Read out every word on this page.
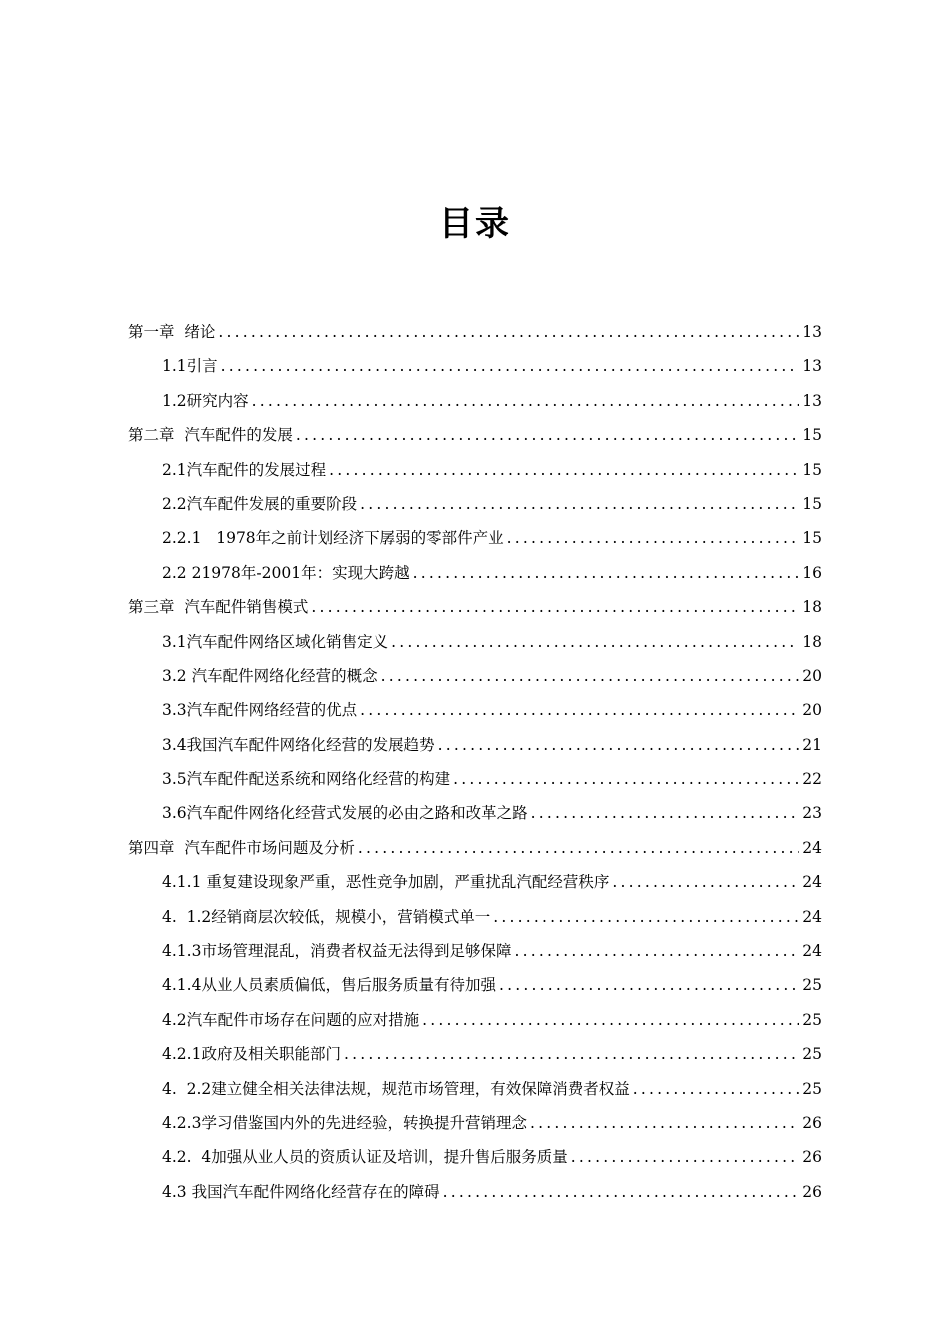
目录
第一章  绪论 .....	13
1.1引言 .....	13
1.2研究内容 .....	13
第二章  汽车配件的发展 .....	15
2.1汽车配件的发展过程 .....	15
2.2汽车配件发展的重要阶段 .....	15
2.2.1   1978年之前计划经济下孱弱的零部件产业 .....	15
2.2 21978年-2001年：实现大跨越 .....	16
第三章  汽车配件销售模式 .....	18
3.1汽车配件网络区域化销售定义 .....	18
3.2 汽车配件网络化经营的概念 .....	20
3.3汽车配件网络经营的优点 .....	20
3.4我国汽车配件网络化经营的发展趋势 .....	21
3.5汽车配件配送系统和网络化经营的构建 .....	22
3.6汽车配件网络化经营式发展的必由之路和改革之路 .....	23
第四章  汽车配件市场问题及分析 .....	24
4.1.1 重复建设现象严重，恶性竞争加剧，严重扰乱汽配经营秩序 .....	24
4.  1.2经销商层次较低，规模小，营销模式单一 .....	24
4.1.3市场管理混乱，消费者权益无法得到足够保障 .....	24
4.1.4从业人员素质偏低，售后服务质量有待加强 .....	25
4.2汽车配件市场存在问题的应对措施 .....	25
4.2.1政府及相关职能部门 .....	25
4.  2.2建立健全相关法律法规，规范市场管理，有效保障消费者权益 .....	25
4.2.3学习借鉴国内外的先进经验，转换提升营销理念 .....	26
4.2.  4加强从业人员的资质认证及培训，提升售后服务质量 .....	26
4.3 我国汽车配件网络化经营存在的障碍 .....	26
